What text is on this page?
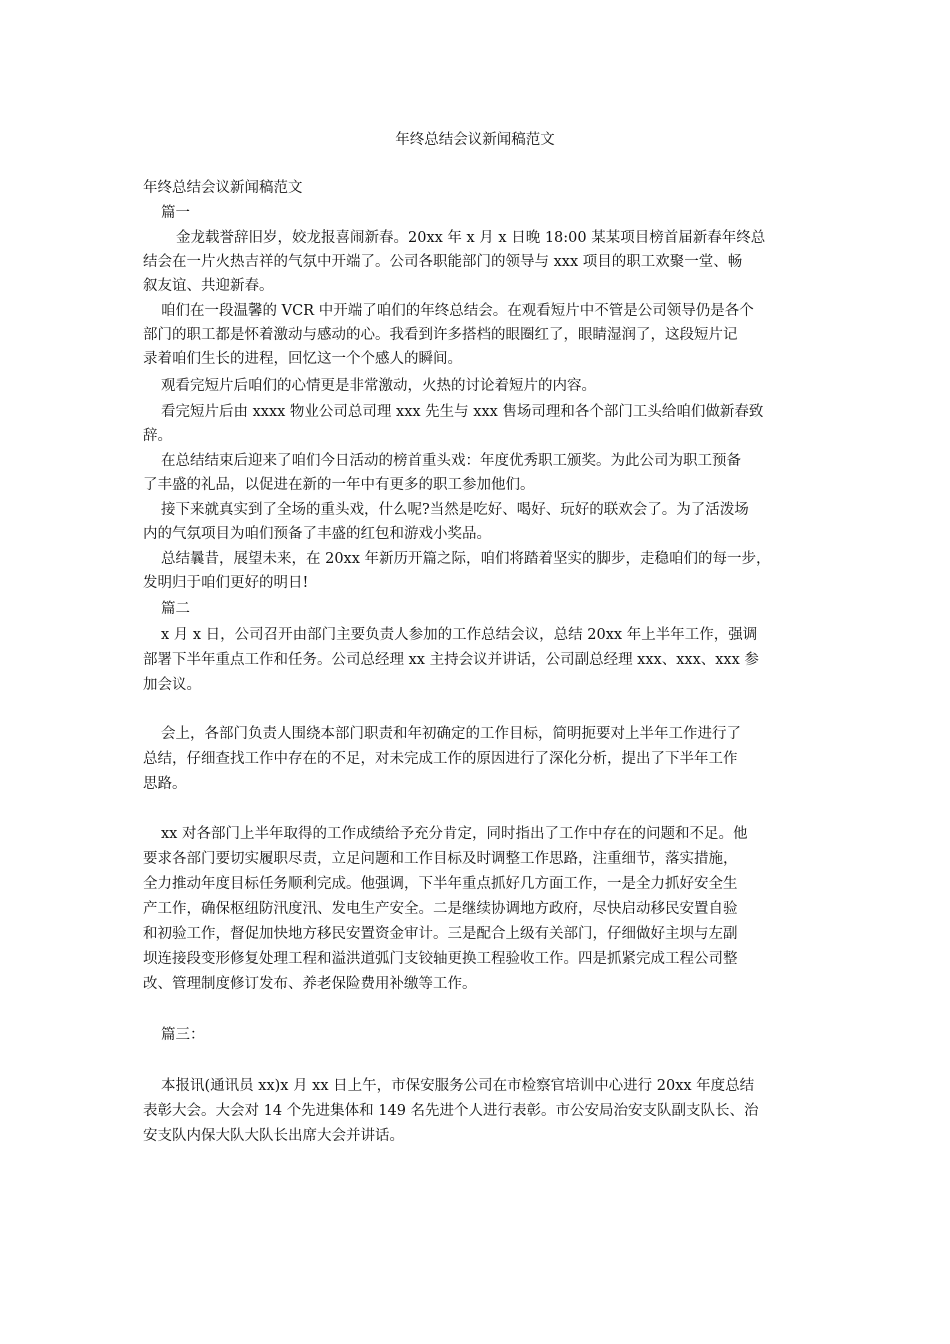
年终总结会议新闻稿范文
年终总结会议新闻稿范文
篇一
金龙载誉辞旧岁，姣龙报喜闹新春。20xx 年 x 月 x 日晚 18:00 某某项目榜首届新春年终总
结会在一片火热吉祥的气氛中开端了。公司各职能部门的领导与 xxx 项目的职工欢聚一堂、畅
叙友谊、共迎新春。
咱们在一段温馨的 VCR 中开端了咱们的年终总结会。在观看短片中不管是公司领导仍是各个
部门的职工都是怀着激动与感动的心。我看到许多搭档的眼圈红了，眼睛湿润了，这段短片记
录着咱们生长的进程，回忆这一个个感人的瞬间。
观看完短片后咱们的心情更是非常激动，火热的讨论着短片的内容。
看完短片后由 xxxx 物业公司总司理 xxx 先生与 xxx 售场司理和各个部门工头给咱们做新春致
辞。
在总结结束后迎来了咱们今日活动的榜首重头戏：年度优秀职工颁奖。为此公司为职工预备
了丰盛的礼品，以促进在新的一年中有更多的职工参加他们。
接下来就真实到了全场的重头戏，什么呢?当然是吃好、喝好、玩好的联欢会了。为了活泼场
内的气氛项目为咱们预备了丰盛的红包和游戏小奖品。
总结曩昔，展望未来，在 20xx 年新历开篇之际，咱们将踏着坚实的脚步，走稳咱们的每一步，
发明归于咱们更好的明日!
篇二
x 月 x 日，公司召开由部门主要负责人参加的工作总结会议，总结 20xx 年上半年工作，强调
部署下半年重点工作和任务。公司总经理 xx 主持会议并讲话，公司副总经理 xxx、xxx、xxx 参
加会议。
会上，各部门负责人围绕本部门职责和年初确定的工作目标，简明扼要对上半年工作进行了
总结，仔细查找工作中存在的不足，对未完成工作的原因进行了深化分析，提出了下半年工作
思路。
xx 对各部门上半年取得的工作成绩给予充分肯定，同时指出了工作中存在的问题和不足。他
要求各部门要切实履职尽责，立足问题和工作目标及时调整工作思路，注重细节，落实措施，
全力推动年度目标任务顺利完成。他强调，下半年重点抓好几方面工作，一是全力抓好安全生
产工作，确保枢纽防汛度汛、发电生产安全。二是继续协调地方政府，尽快启动移民安置自验
和初验工作，督促加快地方移民安置资金审计。三是配合上级有关部门，仔细做好主坝与左副
坝连接段变形修复处理工程和溢洪道弧门支铰轴更换工程验收工作。四是抓紧完成工程公司整
改、管理制度修订发布、养老保险费用补缴等工作。
篇三：
本报讯(通讯员 xx)x 月 xx 日上午，市保安服务公司在市检察官培训中心进行 20xx 年度总结
表彰大会。大会对 14 个先进集体和 149 名先进个人进行表彰。市公安局治安支队副支队长、治
安支队内保大队大队长出席大会并讲话。
